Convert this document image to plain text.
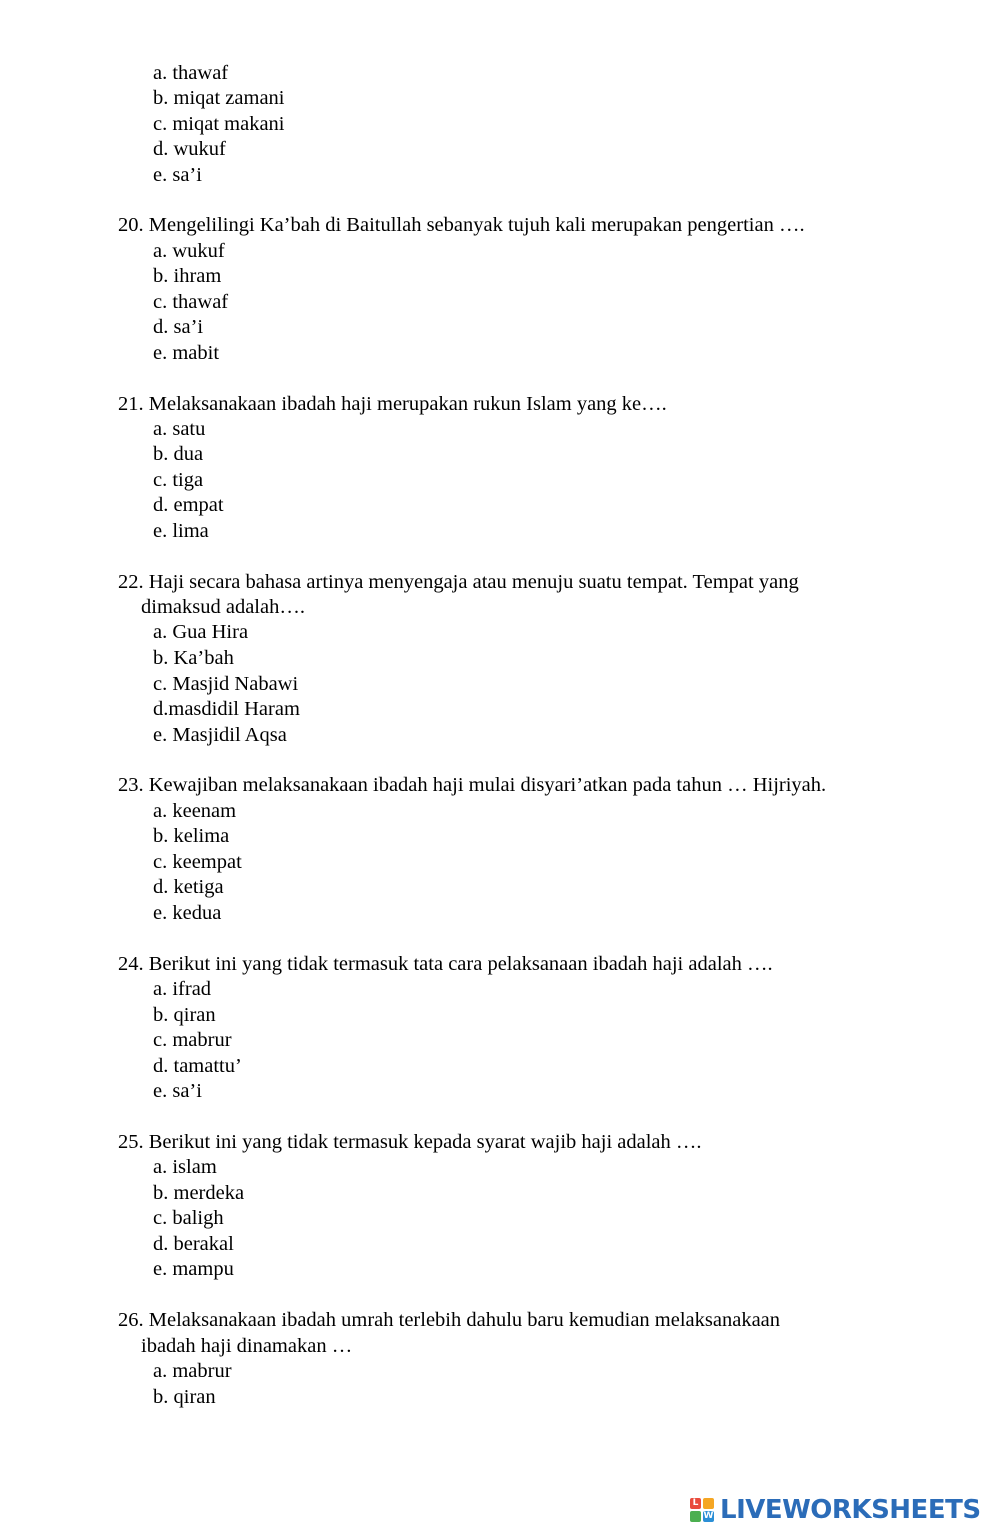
a. thawaf
b. miqat zamani
c. miqat makani
d. wukuf
e. sa’i
20. Mengelilingi Ka’bah di Baitullah sebanyak tujuh kali merupakan pengertian ….
a. wukuf
b. ihram
c. thawaf
d. sa’i
e. mabit
21. Melaksanakaan ibadah haji merupakan rukun Islam yang ke….
a. satu
b. dua
c. tiga
d. empat
e. lima
22. Haji secara bahasa artinya menyengaja atau menuju suatu tempat. Tempat yang
dimaksud adalah….
a. Gua Hira
b. Ka’bah
c. Masjid Nabawi
d.masdidil Haram
e. Masjidil Aqsa
23. Kewajiban melaksanakaan ibadah haji mulai disyari’atkan pada tahun … Hijriyah.
a. keenam
b. kelima
c. keempat
d. ketiga
e. kedua
24. Berikut ini yang tidak termasuk tata cara pelaksanaan ibadah haji adalah ….
a. ifrad
b. qiran
c. mabrur
d. tamattu’
e. sa’i
25. Berikut ini yang tidak termasuk kepada syarat wajib haji adalah ….
a. islam
b. merdeka
c. baligh
d. berakal
e. mampu
26. Melaksanakaan ibadah umrah terlebih dahulu baru kemudian melaksanakaan
ibadah haji dinamakan …
a. mabrur
b. qiran
L
W LIVEWORKSHEETS
